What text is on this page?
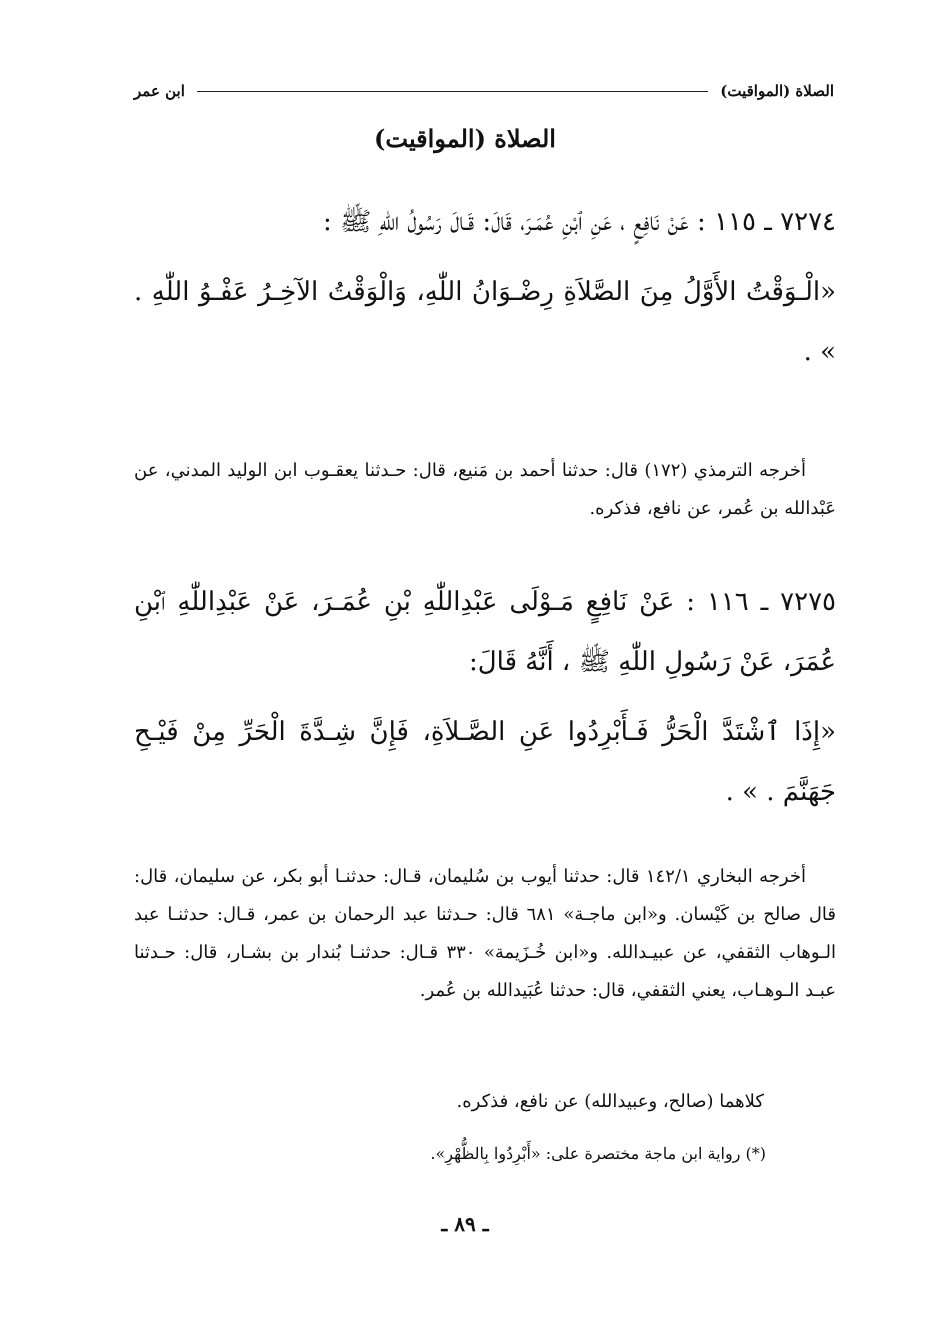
الصلاة (المواقيت)
ابن عمر
الصلاة (المواقيت)

٧٢٧٤ ـ ١١٥ : عَنْ نَافِعٍ ، عَنِ ٱبْنِ عُمَـرَ، قَالَ: قَـالَ رَسُولُ اللّٰهِ ﷺ :

«الْـوَقْتُ الأَوَّلُ مِنَ الصَّلاَةِ رِضْـوَانُ اللّٰهِ، وَالْوَقْتُ الآخِـرُ عَفْـوُ اللّٰهِ . » .

أخرجه الترمذي (١٧٢) قال: حدثنا أحمد بن مَنيع، قال: حـدثنا يعقـوب ابن الوليد المدني، عن عَبْدالله بن عُمر، عن نافع، فذكره.

٧٢٧٥ ـ ١١٦ : عَنْ نَافِعٍ مَـوْلَى عَبْدِاللّٰهِ بْنِ عُمَـرَ، عَنْ عَبْدِاللّٰهِ ٱبْنِ عُمَرَ، عَنْ رَسُولِ اللّٰهِ ﷺ ، أَنَّهُ قَالَ:

«إِذَا ٱشْتَدَّ الْحَرُّ فَـأَبْرِدُوا عَنِ الصَّـلاَةِ، فَإِنَّ شِـدَّةَ الْحَرِّ مِنْ فَيْـحِ جَهَنَّمَ . » .

أخرجه البخاري ١٤٢/١ قال: حدثنا أيوب بن سُليمان، قـال: حدثنـا أبو بكر، عن سليمان، قال: قال صالح بن كَيْسان. و«ابن ماجـة» ٦٨١ قال: حـدثنا عبد الرحمان بن عمر، قـال: حدثنـا عبد الـوهاب الثقفي، عن عبيـدالله. و«ابن خُـزَيمة» ٣٣٠ قـال: حدثنـا بُندار بن بشـار، قال: حـدثنا عبـد الـوهـاب، يعني الثقفي، قال: حدثنا عُبَيدالله بن عُمر.

كلاهما (صالح، وعبيدالله) عن نافع، فذكره.

(*) رواية ابن ماجة مختصرة على: «أَبْرِدُوا بِالظُّهْرِ».

ـ ٨٩ ـ
